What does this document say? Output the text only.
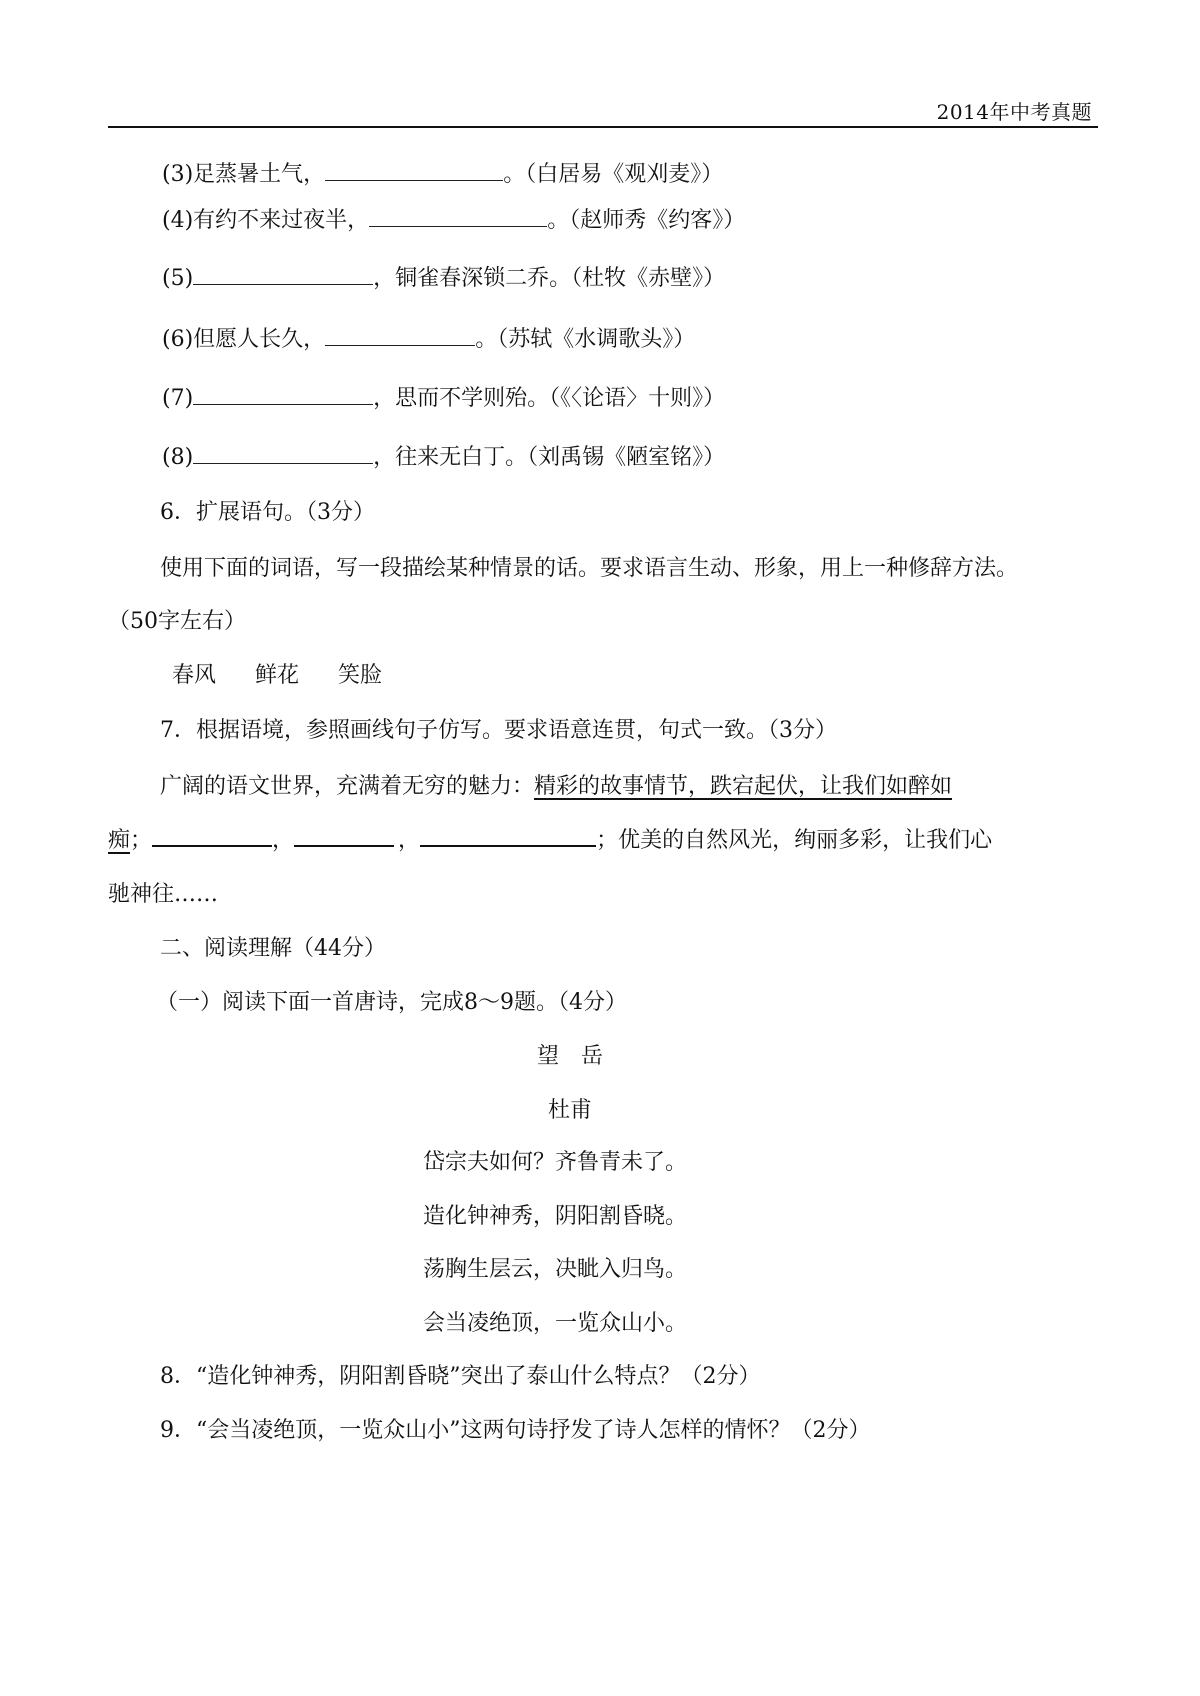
2014年中考真题
(3)足蒸暑土气，	。（白居易《观刈麦》）
(4)有约不来过夜半，	。（赵师秀《约客》）
(5)	，铜雀春深锁二乔。（杜牧《赤壁》）
(6)但愿人长久，	。（苏轼《水调歌头》）
(7)	，思而不学则殆。（《〈论语〉十则》）
(8)	，往来无白丁。（刘禹锡《陋室铭》）
6．扩展语句。（3分）
使用下面的词语，写一段描绘某种情景的话。要求语言生动、形象，用上一种修辞方法。
（50字左右）
春风 鲜花 笑脸
7．根据语境，参照画线句子仿写。要求语意连贯，句式一致。（3分）
广阔的语文世界，充满着无穷的魅力：精彩的故事情节，跌宕起伏，让我们如醉如
痴；	，	，	；优美的自然风光，绚丽多彩，让我们心
驰神往……
二、阅读理解（44分）
（一）阅读下面一首唐诗，完成8～9题。（4分）
望　岳
杜甫
岱宗夫如何？齐鲁青未了。
造化钟神秀，阴阳割昏晓。
荡胸生层云，决眦入归鸟。
会当凌绝顶，一览众山小。
8．“造化钟神秀，阴阳割昏晓”突出了泰山什么特点？（2分）
9．“会当凌绝顶，一览众山小”这两句诗抒发了诗人怎样的情怀？（2分）
